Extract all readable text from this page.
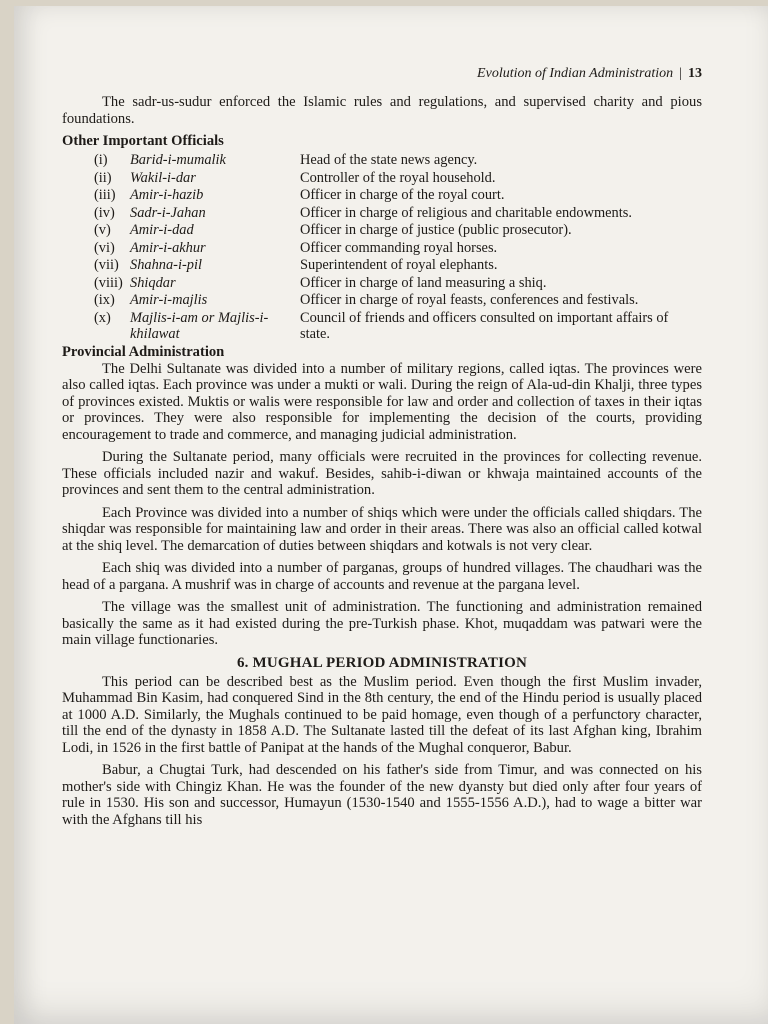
Evolution of Indian Administration | 13

The sadr-us-sudur enforced the Islamic rules and regulations, and supervised charity and pious foundations.

Other Important Officials
(i)	Barid-i-mumalik	Head of the state news agency.
(ii)	Wakil-i-dar	Controller of the royal household.
(iii)	Amir-i-hazib	Officer in charge of the royal court.
(iv)	Sadr-i-Jahan	Officer in charge of religious and charitable endowments.
(v)	Amir-i-dad	Officer in charge of justice (public prosecutor).
(vi)	Amir-i-akhur	Officer commanding royal horses.
(vii)	Shahna-i-pil	Superintendent of royal elephants.
(viii)	Shiqdar	Officer in charge of land measuring a shiq.
(ix)	Amir-i-majlis	Officer in charge of royal feasts, conferences and festivals.
(x)	Majlis-i-am or Majlis-i-khilawat	Council of friends and officers consulted on important affairs of state.
Provincial Administration

The Delhi Sultanate was divided into a number of military regions, called iqtas. The provinces were also called iqtas. Each province was under a mukti or wali. During the reign of Ala-ud-din Khalji, three types of provinces existed. Muktis or walis were responsible for law and order and collection of taxes in their iqtas or provinces. They were also responsible for implementing the decision of the courts, providing encouragement to trade and commerce, and managing judicial administration.

During the Sultanate period, many officials were recruited in the provinces for collecting revenue. These officials included nazir and wakuf. Besides, sahib-i-diwan or khwaja maintained accounts of the provinces and sent them to the central administration.

Each Province was divided into a number of shiqs which were under the officials called shiqdars. The shiqdar was responsible for maintaining law and order in their areas. There was also an official called kotwal at the shiq level. The demarcation of duties between shiqdars and kotwals is not very clear.

Each shiq was divided into a number of parganas, groups of hundred villages. The chaudhari was the head of a pargana. A mushrif was in charge of accounts and revenue at the pargana level.

The village was the smallest unit of administration. The functioning and administration remained basically the same as it had existed during the pre-Turkish phase. Khot, muqaddam was patwari were the main village functionaries.

6. MUGHAL PERIOD ADMINISTRATION

This period can be described best as the Muslim period. Even though the first Muslim invader, Muhammad Bin Kasim, had conquered Sind in the 8th century, the end of the Hindu period is usually placed at 1000 A.D. Similarly, the Mughals continued to be paid homage, even though of a perfunctory character, till the end of the dynasty in 1858 A.D. The Sultanate lasted till the defeat of its last Afghan king, Ibrahim Lodi, in 1526 in the first battle of Panipat at the hands of the Mughal conqueror, Babur.

Babur, a Chugtai Turk, had descended on his father's side from Timur, and was connected on his mother's side with Chingiz Khan. He was the founder of the new dyansty but died only after four years of rule in 1530. His son and successor, Humayun (1530-1540 and 1555-1556 A.D.), had to wage a bitter war with the Afghans till his
